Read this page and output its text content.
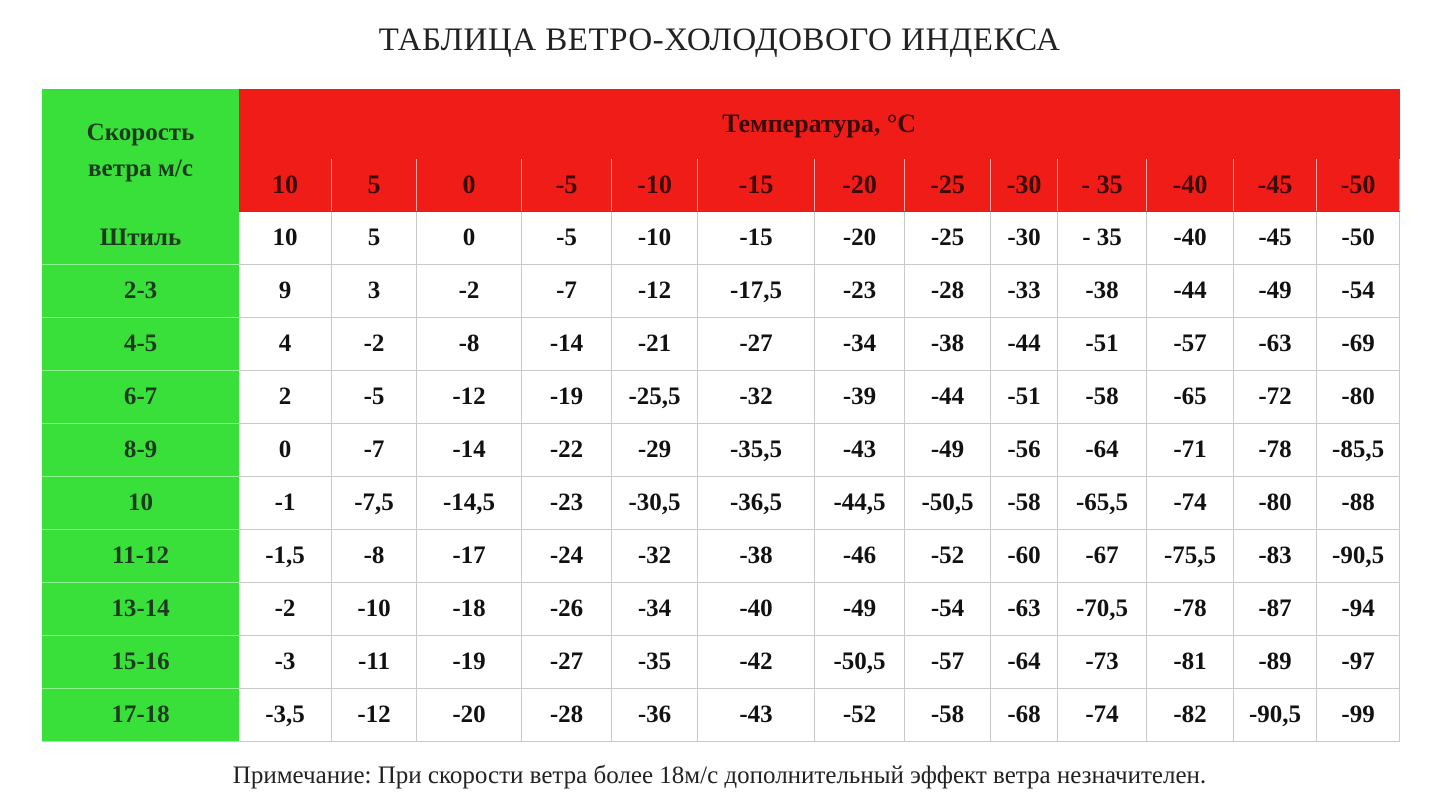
ТАБЛИЦА ВЕТРО-ХОЛОДОВОГО ИНДЕКСА
Скорость
ветра м/с	Температура, °С												
	10	5	0	-5	-10	-15	-20	-25	-30	- 35	-40	-45	-50
Штиль	10	5	0	-5	-10	-15	-20	-25	-30	- 35	-40	-45	-50
2-3	9	3	-2	-7	-12	-17,5	-23	-28	-33	-38	-44	-49	-54
4-5	4	-2	-8	-14	-21	-27	-34	-38	-44	-51	-57	-63	-69
6-7	2	-5	-12	-19	-25,5	-32	-39	-44	-51	-58	-65	-72	-80
8-9	0	-7	-14	-22	-29	-35,5	-43	-49	-56	-64	-71	-78	-85,5
10	-1	-7,5	-14,5	-23	-30,5	-36,5	-44,5	-50,5	-58	-65,5	-74	-80	-88
11-12	-1,5	-8	-17	-24	-32	-38	-46	-52	-60	-67	-75,5	-83	-90,5
13-14	-2	-10	-18	-26	-34	-40	-49	-54	-63	-70,5	-78	-87	-94
15-16	-3	-11	-19	-27	-35	-42	-50,5	-57	-64	-73	-81	-89	-97
17-18	-3,5	-12	-20	-28	-36	-43	-52	-58	-68	-74	-82	-90,5	-99
Примечание: При скорости ветра более 18м/с дополнительный эффект ветра незначителен.
